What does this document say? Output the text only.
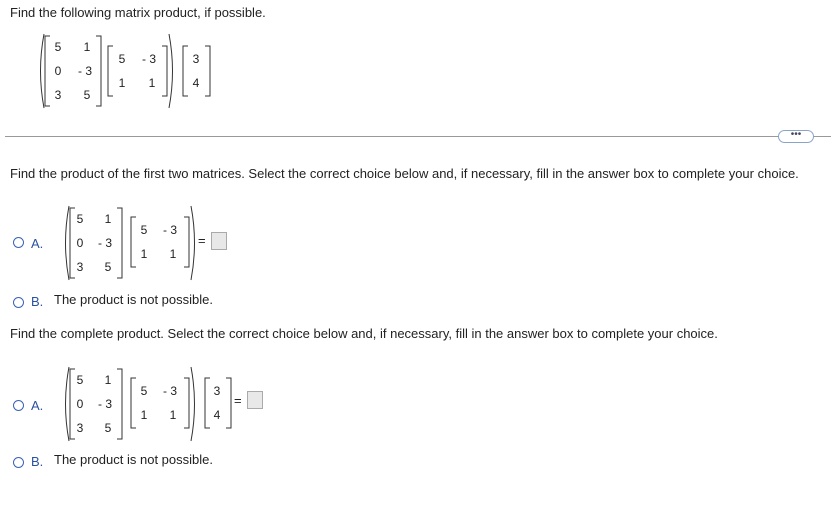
Find the following matrix product, if possible.
5	1
0	- 3
3	5
5	- 3
1	1
3
4
•••
Find the product of the first two matrices. Select the correct choice below and, if necessary, fill in the answer box to complete your choice.
A.
5	1
0	- 3
3	5
5	- 3
1	1
=
B. The product is not possible.
Find the complete product. Select the correct choice below and, if necessary, fill in the answer box to complete your choice.
A.
5	1
0	- 3
3	5
5	- 3
1	1
3
4
=
B. The product is not possible.
